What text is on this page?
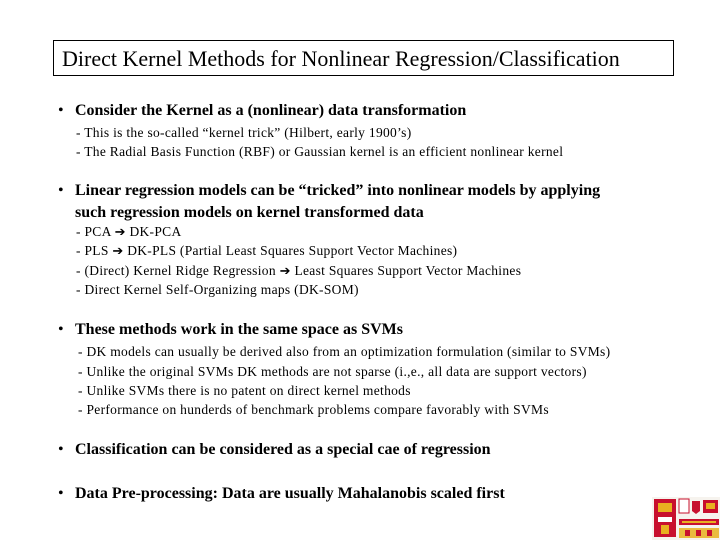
Direct Kernel Methods for Nonlinear Regression/Classification
• Consider the Kernel as a (nonlinear) data transformation
- This is the so-called “kernel trick” (Hilbert, early 1900’s)
- The Radial Basis Function (RBF) or Gaussian kernel is an efficient nonlinear kernel
• Linear regression models can be “tricked” into nonlinear models by applying
such regression models on kernel transformed data
- PCA ➔ DK-PCA
- PLS ➔ DK-PLS (Partial Least Squares Support Vector Machines)
- (Direct) Kernel Ridge Regression ➔ Least Squares Support Vector Machines
- Direct Kernel Self-Organizing maps (DK-SOM)
• These methods work in the same space as SVMs
- DK models can usually be derived also from an optimization formulation (similar to SVMs)
- Unlike the original SVMs DK methods are not sparse (i.,e., all data are support vectors)
- Unlike SVMs there is no patent on direct kernel methods
- Performance on hunderds of benchmark problems compare favorably with SVMs
• Classification can be considered as a special cae of regression
• Data Pre-processing: Data are usually Mahalanobis scaled first
